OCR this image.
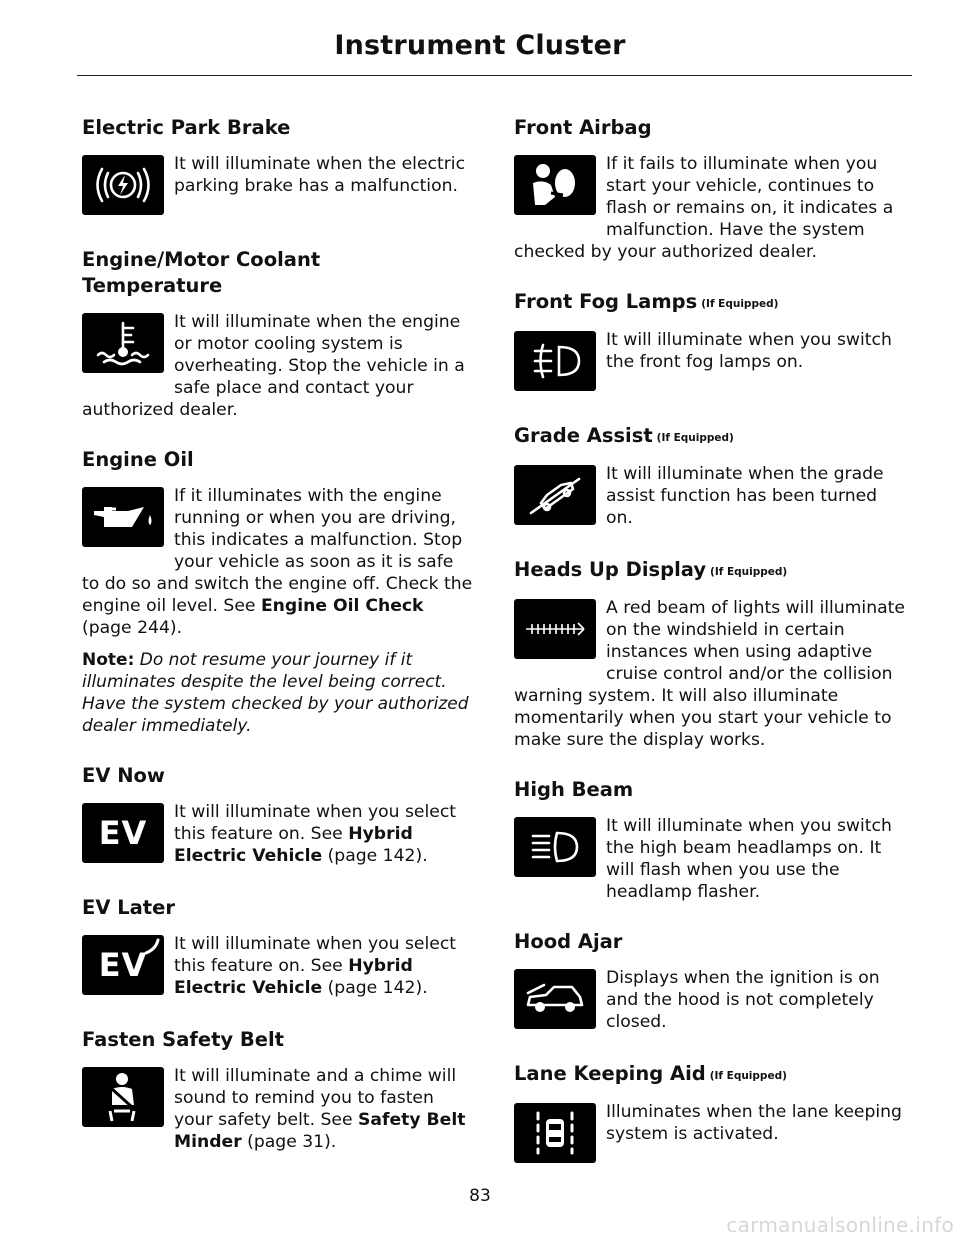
Instrument Cluster
Electric Park Brake

It will illuminate when the electric parking brake has a malfunction.

Engine/Motor Coolant Temperature

It will illuminate when the engine or motor cooling system is overheating. Stop the vehicle in a safe place and contact your authorized dealer.

Engine Oil

If it illuminates with the engine running or when you are driving, this indicates a malfunction. Stop your vehicle as soon as it is safe to do so and switch the engine off. Check the engine oil level. See Engine Oil Check (page 244).

Note: Do not resume your journey if it illuminates despite the level being correct. Have the system checked by your authorized dealer immediately.

EV Now
EV

It will illuminate when you select this feature on. See Hybrid Electric Vehicle (page 142).

EV Later
EV

It will illuminate when you select this feature on. See Hybrid Electric Vehicle (page 142).

Fasten Safety Belt

It will illuminate and a chime will sound to remind you to fasten your safety belt. See Safety Belt Minder (page 31).

Front Airbag

If it fails to illuminate when you start your vehicle, continues to flash or remains on, it indicates a malfunction. Have the system checked by your authorized dealer.

Front Fog Lamps (If Equipped)

It will illuminate when you switch the front fog lamps on.

Grade Assist (If Equipped)

It will illuminate when the grade assist function has been turned on.

Heads Up Display (If Equipped)

A red beam of lights will illuminate on the windshield in certain instances when using adaptive cruise control and/or the collision warning system. It will also illuminate momentarily when you start your vehicle to make sure the display works.

High Beam

It will illuminate when you switch the high beam headlamps on. It will flash when you use the headlamp flasher.

Hood Ajar

Displays when the ignition is on and the hood is not completely closed.

Lane Keeping Aid (If Equipped)

Illuminates when the lane keeping system is activated.

83
carmanualsonline.info
